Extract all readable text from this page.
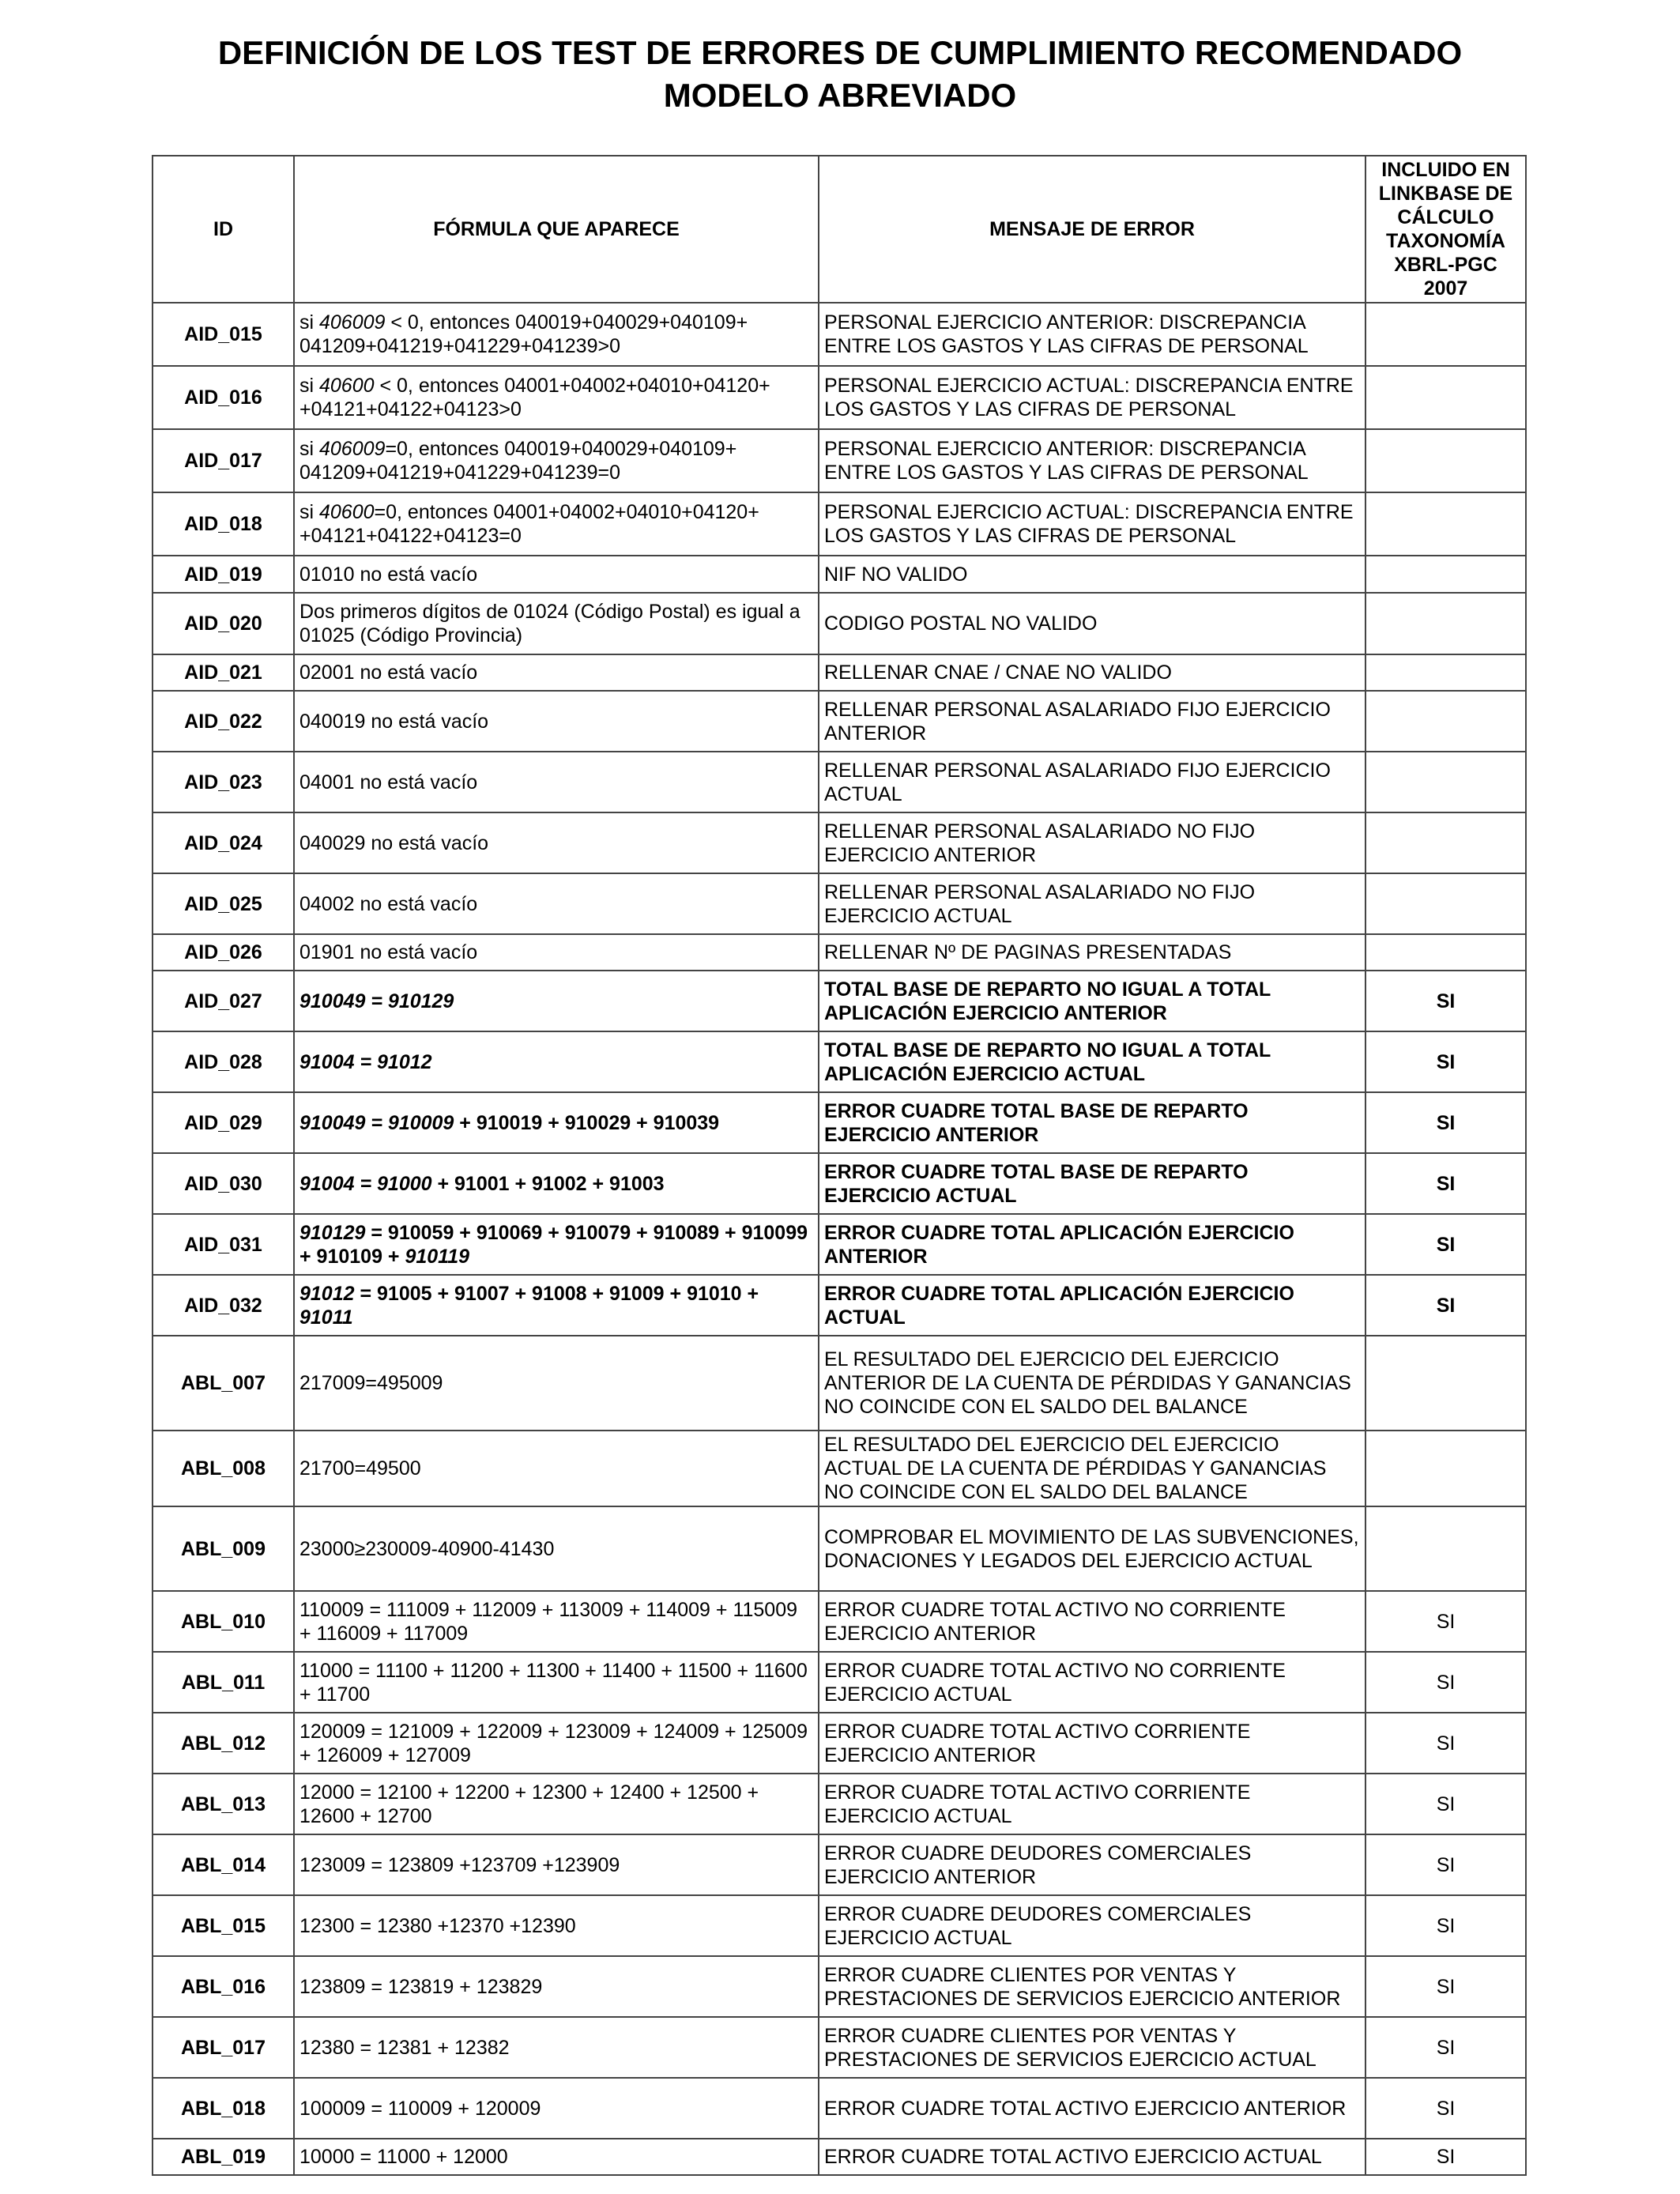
DEFINICIÓN DE LOS TEST DE ERRORES DE CUMPLIMIENTO RECOMENDADO
MODELO ABREVIADO
ID	FÓRMULA QUE APARECE	MENSAJE DE ERROR	INCLUIDO EN LINKBASE DE CÁLCULO TAXONOMÍA XBRL-PGC 2007
AID_015	si 406009 < 0, entonces 040019+040029+040109+ 041209+041219+041229+041239>0	PERSONAL EJERCICIO ANTERIOR: DISCREPANCIA ENTRE LOS GASTOS Y LAS CIFRAS DE PERSONAL	
AID_016	si 40600 < 0, entonces 04001+04002+04010+04120+ +04121+04122+04123>0	PERSONAL EJERCICIO ACTUAL: DISCREPANCIA ENTRE LOS GASTOS Y LAS CIFRAS DE PERSONAL	
AID_017	si 406009=0, entonces 040019+040029+040109+ 041209+041219+041229+041239=0	PERSONAL EJERCICIO ANTERIOR: DISCREPANCIA ENTRE LOS GASTOS Y LAS CIFRAS DE PERSONAL	
AID_018	si 40600=0, entonces 04001+04002+04010+04120+ +04121+04122+04123=0	PERSONAL EJERCICIO ACTUAL: DISCREPANCIA ENTRE LOS GASTOS Y LAS CIFRAS DE PERSONAL	
AID_019	01010 no está vacío	NIF NO VALIDO	
AID_020	Dos primeros dígitos de 01024 (Código Postal) es igual a 01025 (Código Provincia)	CODIGO POSTAL NO VALIDO	
AID_021	02001 no está vacío	RELLENAR CNAE / CNAE NO VALIDO	
AID_022	040019 no está vacío	RELLENAR PERSONAL ASALARIADO FIJO EJERCICIO ANTERIOR	
AID_023	04001 no está vacío	RELLENAR PERSONAL ASALARIADO FIJO EJERCICIO ACTUAL	
AID_024	040029 no está vacío	RELLENAR PERSONAL ASALARIADO NO FIJO EJERCICIO ANTERIOR	
AID_025	04002 no está vacío	RELLENAR PERSONAL ASALARIADO NO FIJO EJERCICIO ACTUAL	
AID_026	01901 no está vacío	RELLENAR Nº DE PAGINAS PRESENTADAS	
AID_027	910049 = 910129	TOTAL BASE DE REPARTO NO IGUAL A TOTAL APLICACIÓN EJERCICIO ANTERIOR	SI
AID_028	91004 = 91012	TOTAL BASE DE REPARTO NO IGUAL A TOTAL APLICACIÓN EJERCICIO ACTUAL	SI
AID_029	910049 = 910009 + 910019 + 910029 + 910039	ERROR CUADRE TOTAL BASE DE REPARTO EJERCICIO ANTERIOR	SI
AID_030	91004 = 91000 + 91001 + 91002 + 91003	ERROR CUADRE TOTAL BASE DE REPARTO EJERCICIO ACTUAL	SI
AID_031	910129 = 910059 + 910069 + 910079 + 910089 + 910099 + 910109 + 910119	ERROR CUADRE TOTAL APLICACIÓN EJERCICIO ANTERIOR	SI
AID_032	91012 = 91005 + 91007 + 91008 + 91009 + 91010 + 91011	ERROR CUADRE TOTAL APLICACIÓN EJERCICIO ACTUAL	SI
ABL_007	217009=495009	EL RESULTADO DEL EJERCICIO DEL EJERCICIO ANTERIOR DE LA CUENTA DE PÉRDIDAS Y GANANCIAS NO COINCIDE CON EL SALDO DEL BALANCE	
ABL_008	21700=49500	EL RESULTADO DEL EJERCICIO DEL EJERCICIO ACTUAL DE LA CUENTA DE PÉRDIDAS Y GANANCIAS NO COINCIDE CON EL SALDO DEL BALANCE	
ABL_009	23000≥230009-40900-41430	COMPROBAR EL MOVIMIENTO DE LAS SUBVENCIONES, DONACIONES Y LEGADOS DEL EJERCICIO ACTUAL	
ABL_010	110009 = 111009 + 112009 + 113009 + 114009 + 115009 + 116009 + 117009	ERROR CUADRE TOTAL ACTIVO NO CORRIENTE EJERCICIO ANTERIOR	SI
ABL_011	11000 = 11100 + 11200 + 11300 + 11400 + 11500 + 11600 + 11700	ERROR CUADRE TOTAL ACTIVO NO CORRIENTE EJERCICIO ACTUAL	SI
ABL_012	120009 = 121009 + 122009 + 123009 + 124009 + 125009 + 126009 + 127009	ERROR CUADRE TOTAL ACTIVO CORRIENTE EJERCICIO ANTERIOR	SI
ABL_013	12000 = 12100 + 12200 + 12300 + 12400 + 12500 + 12600 + 12700	ERROR CUADRE TOTAL ACTIVO CORRIENTE EJERCICIO ACTUAL	SI
ABL_014	123009 = 123809 +123709 +123909	ERROR CUADRE DEUDORES COMERCIALES EJERCICIO ANTERIOR	SI
ABL_015	12300 = 12380 +12370 +12390	ERROR CUADRE DEUDORES COMERCIALES EJERCICIO ACTUAL	SI
ABL_016	123809 = 123819 + 123829	ERROR CUADRE CLIENTES POR VENTAS Y PRESTACIONES DE SERVICIOS EJERCICIO ANTERIOR	SI
ABL_017	12380 = 12381 + 12382	ERROR CUADRE CLIENTES POR VENTAS Y PRESTACIONES DE SERVICIOS EJERCICIO ACTUAL	SI
ABL_018	100009 = 110009 + 120009	ERROR CUADRE TOTAL ACTIVO EJERCICIO ANTERIOR	SI
ABL_019	10000 = 11000 + 12000	ERROR CUADRE TOTAL ACTIVO EJERCICIO ACTUAL	SI
